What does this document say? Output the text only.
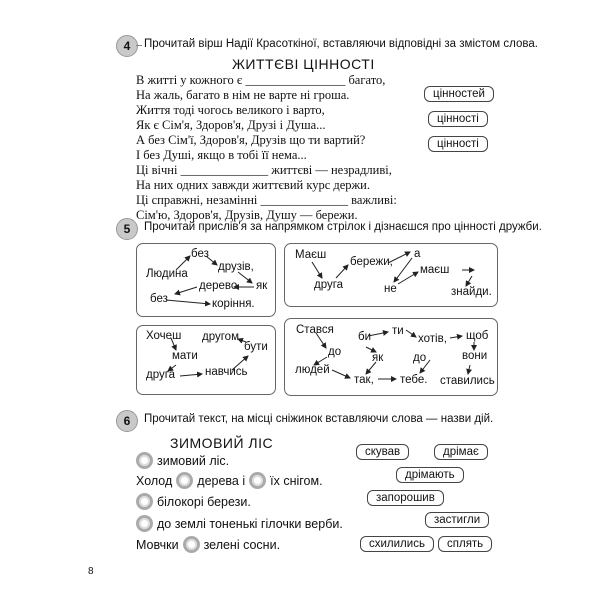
4	Прочитай вірш Надії Красоткіної, вставляючи відповідні за змістом слова.
ЖИТТЄВІ ЦІННОСТІ
В житті у кожного є ________________ багато,
На жаль, багато в нім не варте ні гроша.
Життя тоді чогось великого і варто,
Як є Сім'я, Здоров'я, Друзі і Душа...
А без Сім'ї, Здоров'я, Друзів що ти вартий?
І без Душі, якщо в тобі її нема...
Ці вічні ______________ життєві — незрадливі,
На них одних завжди життєвий курс держи.
Ці справжні, незамінні ______________ важливі:
Сім'ю, Здоров'я, Друзів, Душу — бережи.
цінностей
цінності
цінності
5	Прочитай прислів'я за напрямком стрілок і дізнаєшся про цінності дружби.
без
друзів,
Людина
дерево як
без	коріння.
Маєш
бережи,
а
друга	не
маєш
знайди.
Хочеш другом,
мати
бути
друга	навчись
Стався
би ти
хотів, щоб
до	вони
людей
як	до
так, тебе. ставились
6	Прочитай текст, на місці сніжинок вставляючи слова — назви дій.
ЗИМОВИЙ ЛІС
зимовий ліс.
Холод дерева і їх снігом.
білокорі берези.
до землі тоненькі гілочки верби.
Мовчки зелені сосни.
скував	дрімає
дрімають
запорошив
застигли
схилились	сплять
8
